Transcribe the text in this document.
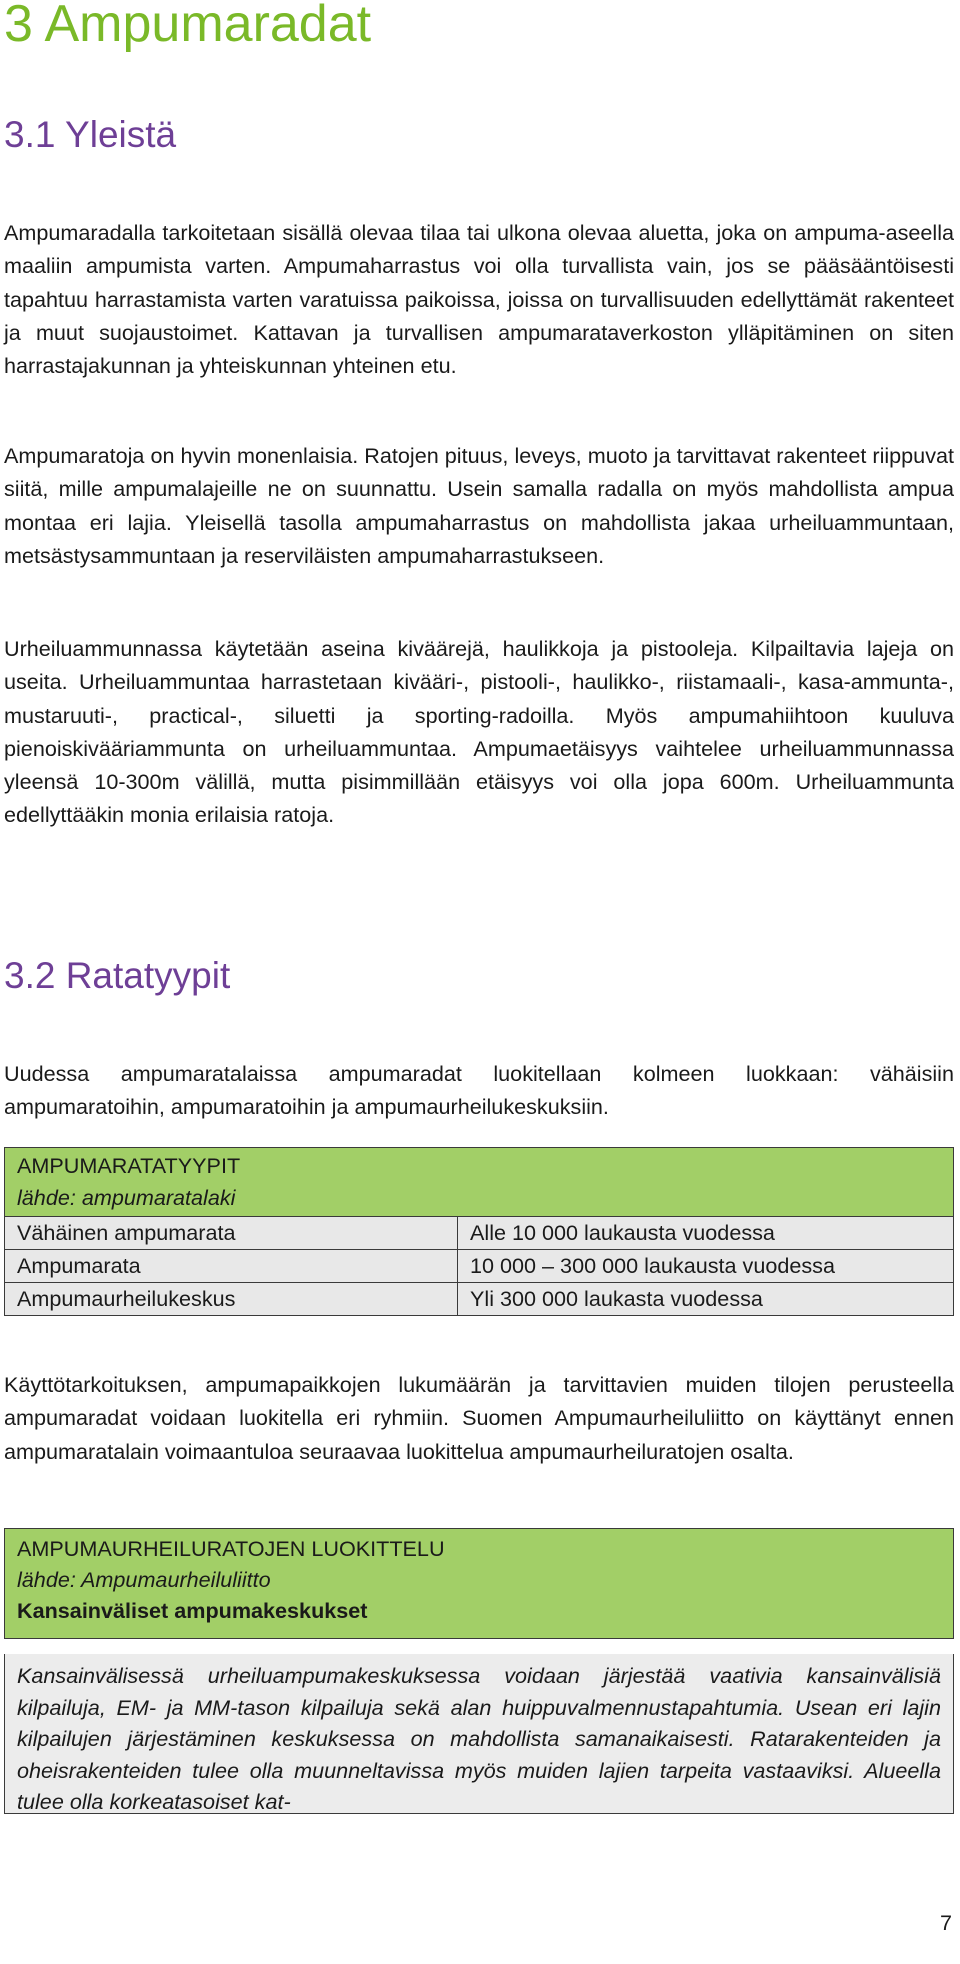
3 Ampumaradat
3.1 Yleistä

Ampumaradalla tarkoitetaan sisällä olevaa tilaa tai ulkona olevaa aluetta, joka on ampuma-aseella maaliin ampumista varten. Ampumaharrastus voi olla turvallista vain, jos se pääsääntöisesti tapahtuu harrastamista varten varatuissa paikoissa, joissa on turvallisuuden edellyttämät rakenteet ja muut suojaustoimet. Kattavan ja turvallisen ampumarataverkoston ylläpitäminen on siten harrastajakunnan ja yhteiskunnan yhteinen etu.

Ampumaratoja on hyvin monenlaisia. Ratojen pituus, leveys, muoto ja tarvittavat rakenteet riippuvat siitä, mille ampumalajeille ne on suunnattu. Usein samalla radalla on myös mahdollista ampua montaa eri lajia. Yleisellä tasolla ampumaharrastus on mahdollista jakaa urheiluammuntaan, metsästysammuntaan ja reserviläisten ampumaharrastukseen.

Urheiluammunnassa käytetään aseina kiväärejä, haulikkoja ja pistooleja. Kilpailtavia lajeja on useita. Urheiluammuntaa harrastetaan kivääri-, pistooli-, haulikko-, riistamaali-, kasa-ammunta-, mustaruuti-, practical-, siluetti ja sporting-radoilla. Myös ampumahiihtoon kuuluva pienoiskivääriammunta on urheiluammuntaa. Ampumaetäisyys vaihtelee urheiluammunnassa yleensä 10-300m välillä, mutta pisimmillään etäisyys voi olla jopa 600m. Urheiluammunta edellyttääkin monia erilaisia ratoja.

3.2 Ratatyypit

Uudessa ampumaratalaissa ampumaradat luokitellaan kolmeen luokkaan: vähäisiin ampumaratoihin, ampumaratoihin ja ampumaurheilukeskuksiin.

AMPUMARATATYYPIT
lähde: ampumaratalaki	

Vähäinen ampumarata	Alle 10 000 laukausta vuodessa
Ampumarata	10 000 – 300 000 laukausta vuodessa
Ampumaurheilukeskus	Yli 300 000 laukasta vuodessa

Käyttötarkoituksen, ampumapaikkojen lukumäärän ja tarvittavien muiden tilojen perusteella ampumaradat voidaan luokitella eri ryhmiin. Suomen Ampumaurheiluliitto on käyttänyt ennen ampumaratalain voimaantuloa seuraavaa luokittelua ampumaurheiluratojen osalta.

AMPUMAURHEILURATOJEN LUOKITTELU
lähde: Ampumaurheiluliitto
Kansainväliset ampumakeskukset
Kansainvälisessä urheiluampumakeskuksessa voidaan järjestää vaativia kansainvälisiä kilpailuja, EM- ja MM-tason kilpailuja sekä alan huippuvalmennustapahtumia. Usean eri lajin kilpailujen järjestäminen keskuksessa on mahdollista samanaikaisesti. Ratarakenteiden ja oheisrakenteiden tulee olla muunneltavissa myös muiden lajien tarpeita vastaaviksi. Alueella tulee olla korkeatasoiset kat-
7
